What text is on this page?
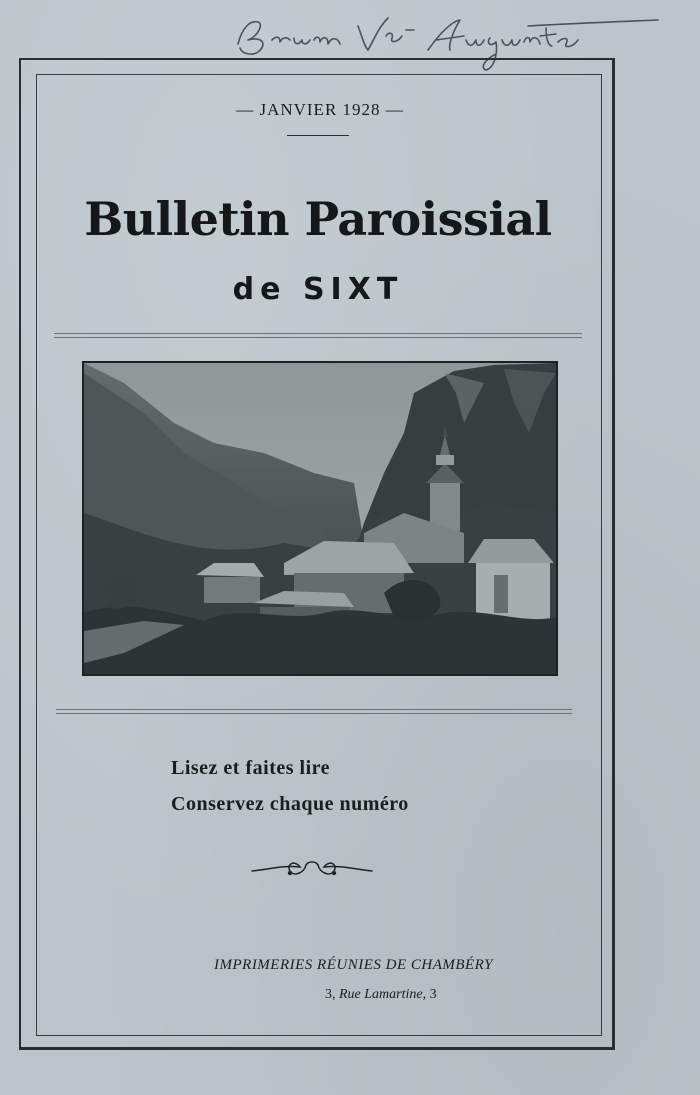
— JANVIER 1928 —
Bulletin Paroissial
de SIXT
Lisez et faites lire
Conservez chaque numéro
IMPRIMERIES RÉUNIES DE CHAMBÉRY
3, Rue Lamartine, 3
